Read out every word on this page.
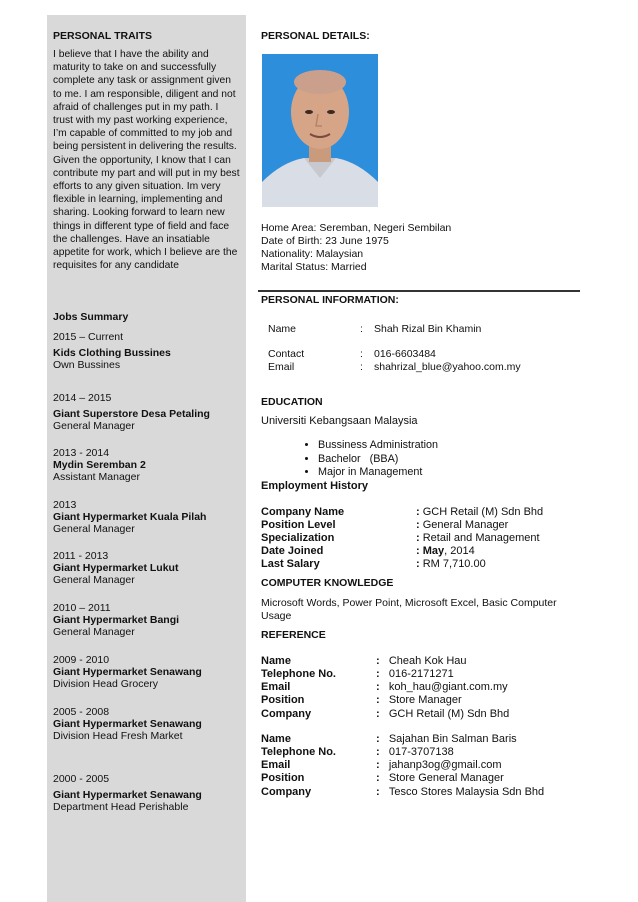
PERSONAL TRAITS
I believe that I have the ability and maturity to take on and successfully complete any task or assignment given to me. I am responsible, diligent and not afraid of challenges put in my path. I trust with my past working experience, I’m capable of committed to my job and being persistent in delivering the results. Given the opportunity, I know that I can contribute my part and will put in my best efforts to any given situation. Im very flexible in learning, implementing and sharing. Looking forward to learn new things in different type of field and face the challenges. Have an insatiable appetite for work, which I believe are the requisites for any candidate
Jobs Summary
2015 – Current
Kids Clothing Bussines
Own Bussines
2014 – 2015
Giant Superstore Desa Petaling
General Manager
2013 - 2014
Mydin Seremban 2
Assistant Manager
2013
Giant Hypermarket Kuala Pilah
General Manager
2011 - 2013
Giant Hypermarket Lukut
General Manager
2010 – 2011
Giant Hypermarket Bangi
General Manager
2009 - 2010
Giant Hypermarket Senawang
Division Head Grocery
2005 - 2008
Giant Hypermarket Senawang
Division Head Fresh Market
2000 - 2005
Giant Hypermarket Senawang
Department Head Perishable
PERSONAL DETAILS:
Home Area: Seremban, Negeri Sembilan
Date of Birth: 23 June 1975
Nationality: Malaysian
Marital Status: Married
PERSONAL INFORMATION:
Name	: Shah Rizal Bin Khamin
Contact	: 016-6603484
Email	: shahrizal_blue@yahoo.com.my
EDUCATION
Universiti Kebangsaan Malaysia
• Bussiness Administration
• Bachelor   (BBA)
• Major in Management
Employment History
Company Name	: GCH Retail (M) Sdn Bhd
Position Level	: General Manager
Specialization	: Retail and Management
Date Joined	: May, 2014
Last Salary	: RM 7,710.00
COMPUTER KNOWLEDGE
Microsoft Words, Power Point, Microsoft Excel, Basic Computer Usage
REFERENCE
Name	: Cheah Kok Hau
Telephone No.	: 016-2171271
Email	: koh_hau@giant.com.my
Position	: Store Manager
Company	: GCH Retail (M) Sdn Bhd
Name	: Sajahan Bin Salman Baris
Telephone No.	: 017-3707138
Email	: jahanp3og@gmail.com
Position	: Store General Manager
Company	: Tesco Stores Malaysia Sdn Bhd
